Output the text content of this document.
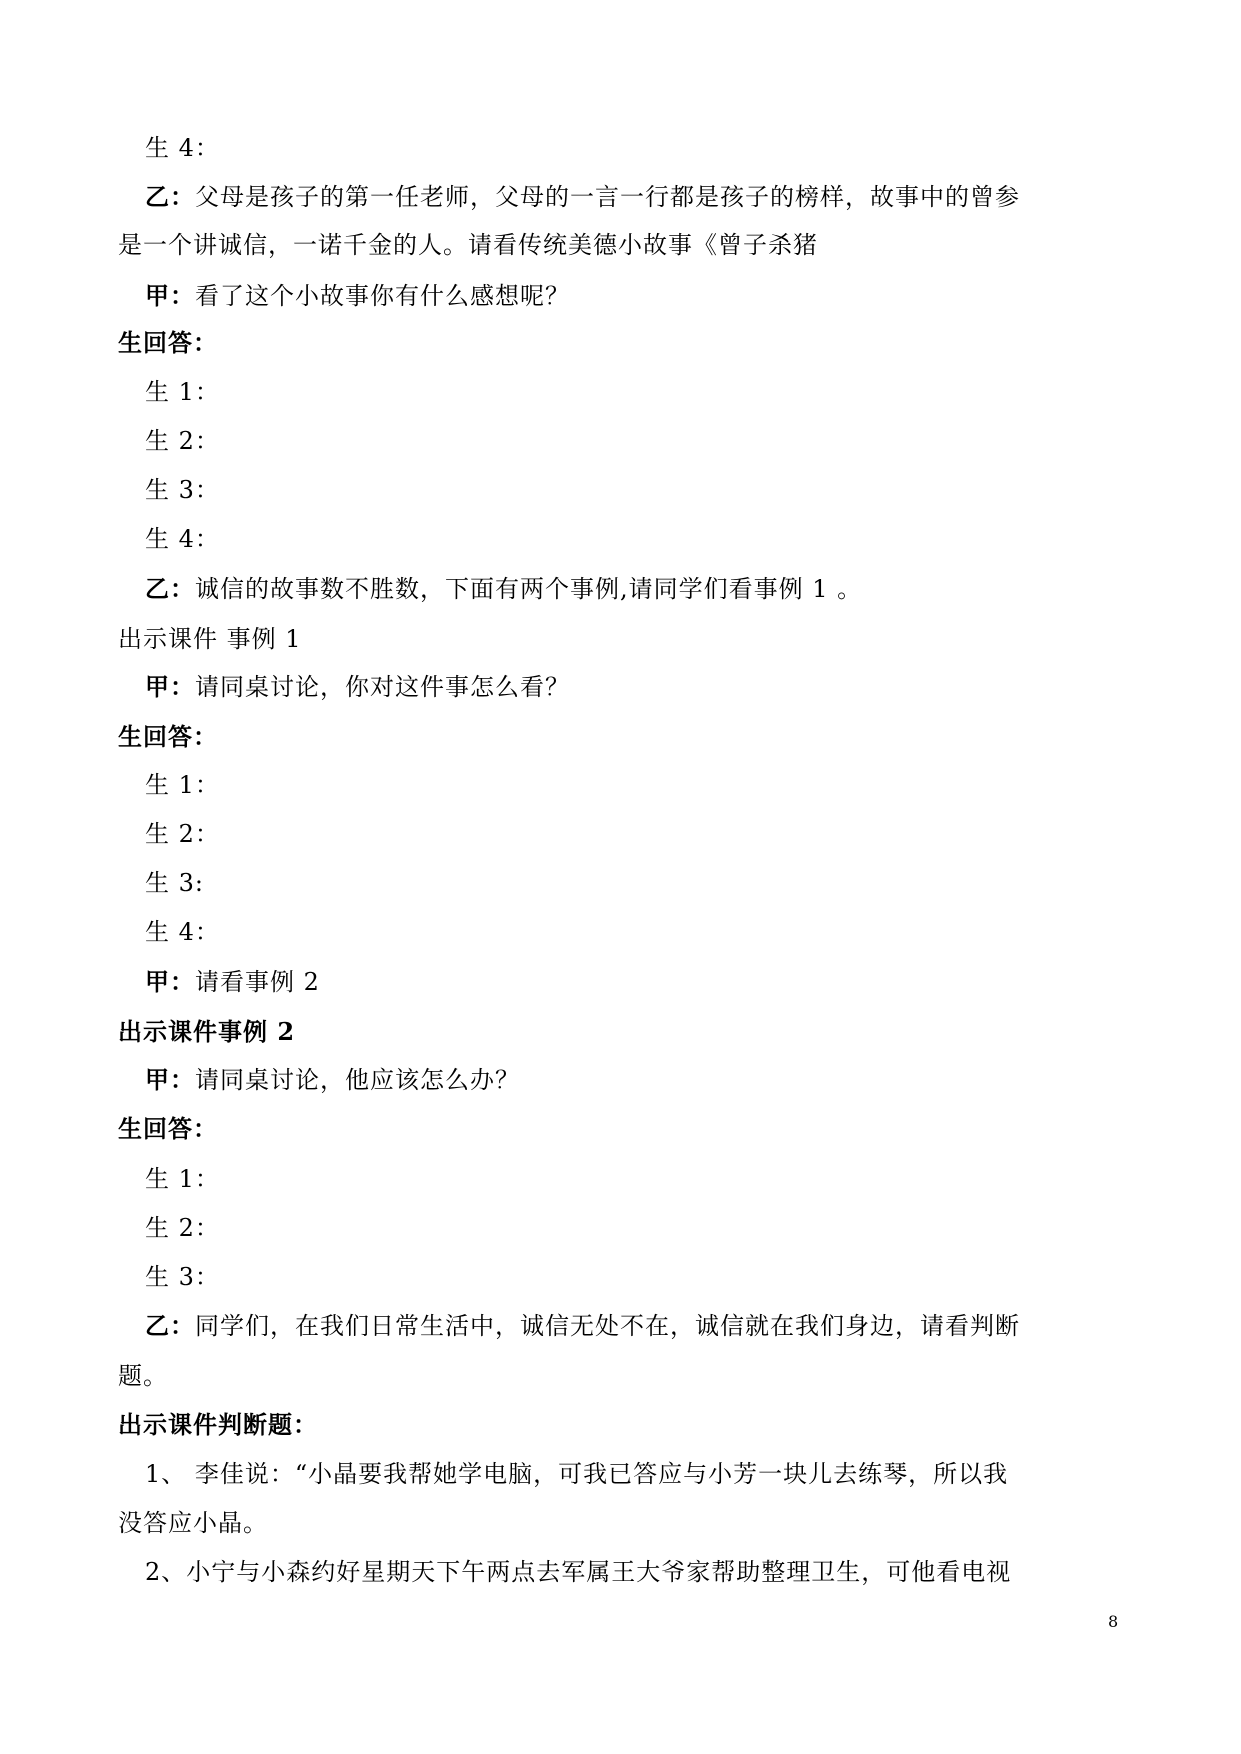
生 4：
乙：父母是孩子的第一任老师，父母的一言一行都是孩子的榜样，故事中的曾参
是一个讲诚信，一诺千金的人。请看传统美德小故事《曾子杀猪
甲：看了这个小故事你有什么感想呢？
生回答：
生 1：
生 2：
生 3：
生 4：
乙：诚信的故事数不胜数，下面有两个事例,请同学们看事例 1 。
出示课件 事例 1
甲：请同桌讨论，你对这件事怎么看？
生回答：
生 1：
生 2：
生 3:
生 4：
甲：请看事例 2
出示课件事例 2
甲：请同桌讨论，他应该怎么办？
生回答：
生 1：
生 2：
生 3：
乙：同学们，在我们日常生活中，诚信无处不在，诚信就在我们身边，请看判断
题。
出示课件判断题：
1、 李佳说：“小晶要我帮她学电脑，可我已答应与小芳一块儿去练琴，所以我
没答应小晶。
2、小宁与小森约好星期天下午两点去军属王大爷家帮助整理卫生，可他看电视
8
